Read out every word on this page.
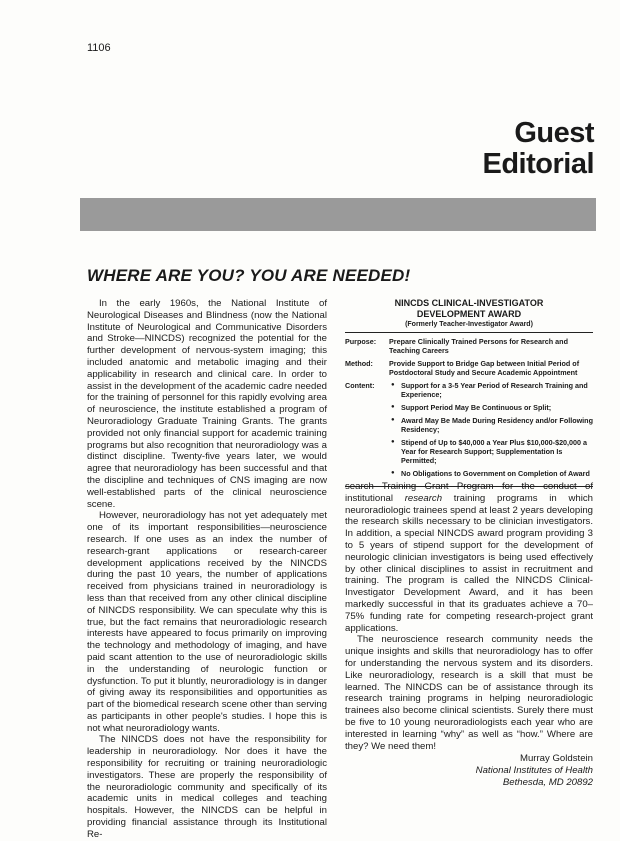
1106
Guest
Editorial
WHERE ARE YOU? YOU ARE NEEDED!

In the early 1960s, the National Institute of Neurological Diseases and Blindness (now the National Institute of Neurological and Communicative Disorders and Stroke—NINCDS) recognized the potential for the further development of nervous-system imaging; this included anatomic and metabolic imaging and their applicability in research and clinical care. In order to assist in the development of the academic cadre needed for the training of personnel for this rapidly evolving area of neuroscience, the institute established a program of Neuroradiology Graduate Training Grants. The grants provided not only financial support for academic training programs but also recognition that neuroradiology was a distinct discipline. Twenty-five years later, we would agree that neuroradiology has been successful and that the discipline and techniques of CNS imaging are now well-established parts of the clinical neuroscience scene.

However, neuroradiology has not yet adequately met one of its important responsibilities—neuroscience research. If one uses as an index the number of research-grant applications or research-career development applications received by the NINCDS during the past 10 years, the number of applications received from physicians trained in neuroradiology is less than that received from any other clinical discipline of NINCDS responsibility. We can speculate why this is true, but the fact remains that neuroradiologic research interests have appeared to focus primarily on improving the technology and methodology of imaging, and have paid scant attention to the use of neuroradiologic skills in the understanding of neurologic function or dysfunction. To put it bluntly, neuroradiology is in danger of giving away its responsibilities and opportunities as part of the biomedical research scene other than serving as participants in other people's studies. I hope this is not what neuroradiology wants.

The NINCDS does not have the responsibility for leadership in neuroradiology. Nor does it have the responsibility for recruiting or training neuroradiologic investigators. These are properly the responsibility of the neuroradiologic community and specifically of its academic units in medical colleges and teaching hospitals. However, the NINCDS can be helpful in providing financial assistance through its Institutional Re-

NINCDS CLINICAL-INVESTIGATOR
DEVELOPMENT AWARD
(Formerly Teacher-Investigator Award)
Purpose:	Prepare Clinically Trained Persons for Research and Teaching Careers
Method:	Provide Support to Bridge Gap between Initial Period of Postdoctoral Study and Secure Academic Appointment
Content:
●	Support for a 3-5 Year Period of Research Training and Experience;
● Support Period May Be Continuous or Split;
● Award May Be Made During Residency and/or Following Residency;
● Stipend of Up to $40,000 a Year Plus $10,000-$20,000 a Year for Research Support; Supplementation Is Permitted;
● No Obligations to Government on Completion of Award

search Training Grant Program for the conduct of institutional research training programs in which neuroradiologic trainees spend at least 2 years developing the research skills necessary to be clinician investigators. In addition, a special NINCDS award program providing 3 to 5 years of stipend support for the development of neurologic clinician investigators is being used effectively by other clinical disciplines to assist in recruitment and training. The program is called the NINCDS Clinical-Investigator Development Award, and it has been markedly successful in that its graduates achieve a 70–75% funding rate for competing research-project grant applications.

The neuroscience research community needs the unique insights and skills that neuroradiology has to offer for understanding the nervous system and its disorders. Like neuroradiology, research is a skill that must be learned. The NINCDS can be of assistance through its research training programs in helping neuroradiologic trainees also become clinical scientists. Surely there must be five to 10 young neuroradiologists each year who are interested in learning “why” as well as “how.” Where are they? We need them!

Murray Goldstein
National Institutes of Health
Bethesda, MD 20892
